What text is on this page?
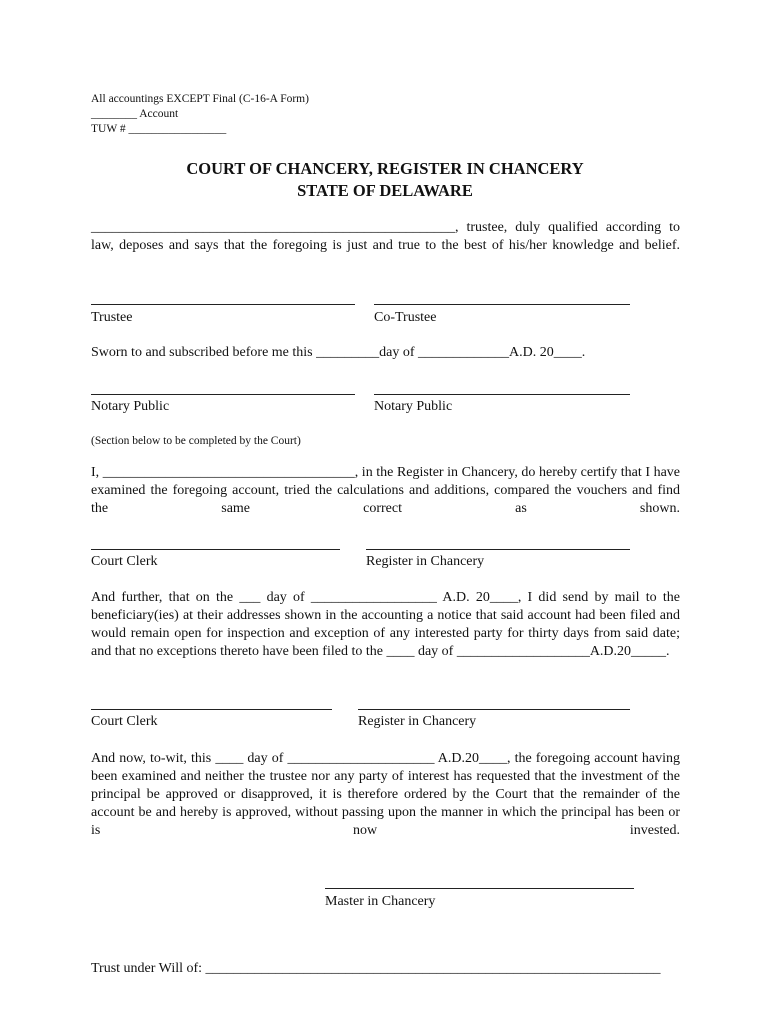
All accountings EXCEPT Final (C-16-A Form)
________ Account
TUW # _________________
COURT OF CHANCERY, REGISTER IN CHANCERY
STATE OF DELAWARE
____________________________________________________, trustee, duly qualified according to law, deposes and says that the foregoing is just and true to the best of his/her knowledge and belief.
Trustee	Co-Trustee
Sworn to and subscribed before me this _________day of _____________A.D. 20____.
Notary Public	Notary Public
(Section below to be completed by the Court)
I, ____________________________________, in the Register in Chancery, do hereby certify that I have examined the foregoing account, tried the calculations and additions, compared the vouchers and find the same correct as shown.
Court Clerk	Register in Chancery
And further, that on the ___ day of __________________ A.D. 20____, I did send by mail to the beneficiary(ies) at their addresses shown in the accounting a notice that said account had been filed and would remain open for inspection and exception of any interested party for thirty days from said date; and that no exceptions thereto have been filed to the ____ day of ___________________A.D.20_____.
Court Clerk	Register in Chancery
And now, to-wit, this ____ day of _____________________ A.D.20____, the foregoing account having been examined and neither the trustee nor any party of interest has requested that the investment of the principal be approved or disapproved, it is therefore ordered by the Court that the remainder of the account be and hereby is approved, without passing upon the manner in which the principal has been or is now invested.
Master in Chancery
Trust under Will of: _________________________________________________________________
